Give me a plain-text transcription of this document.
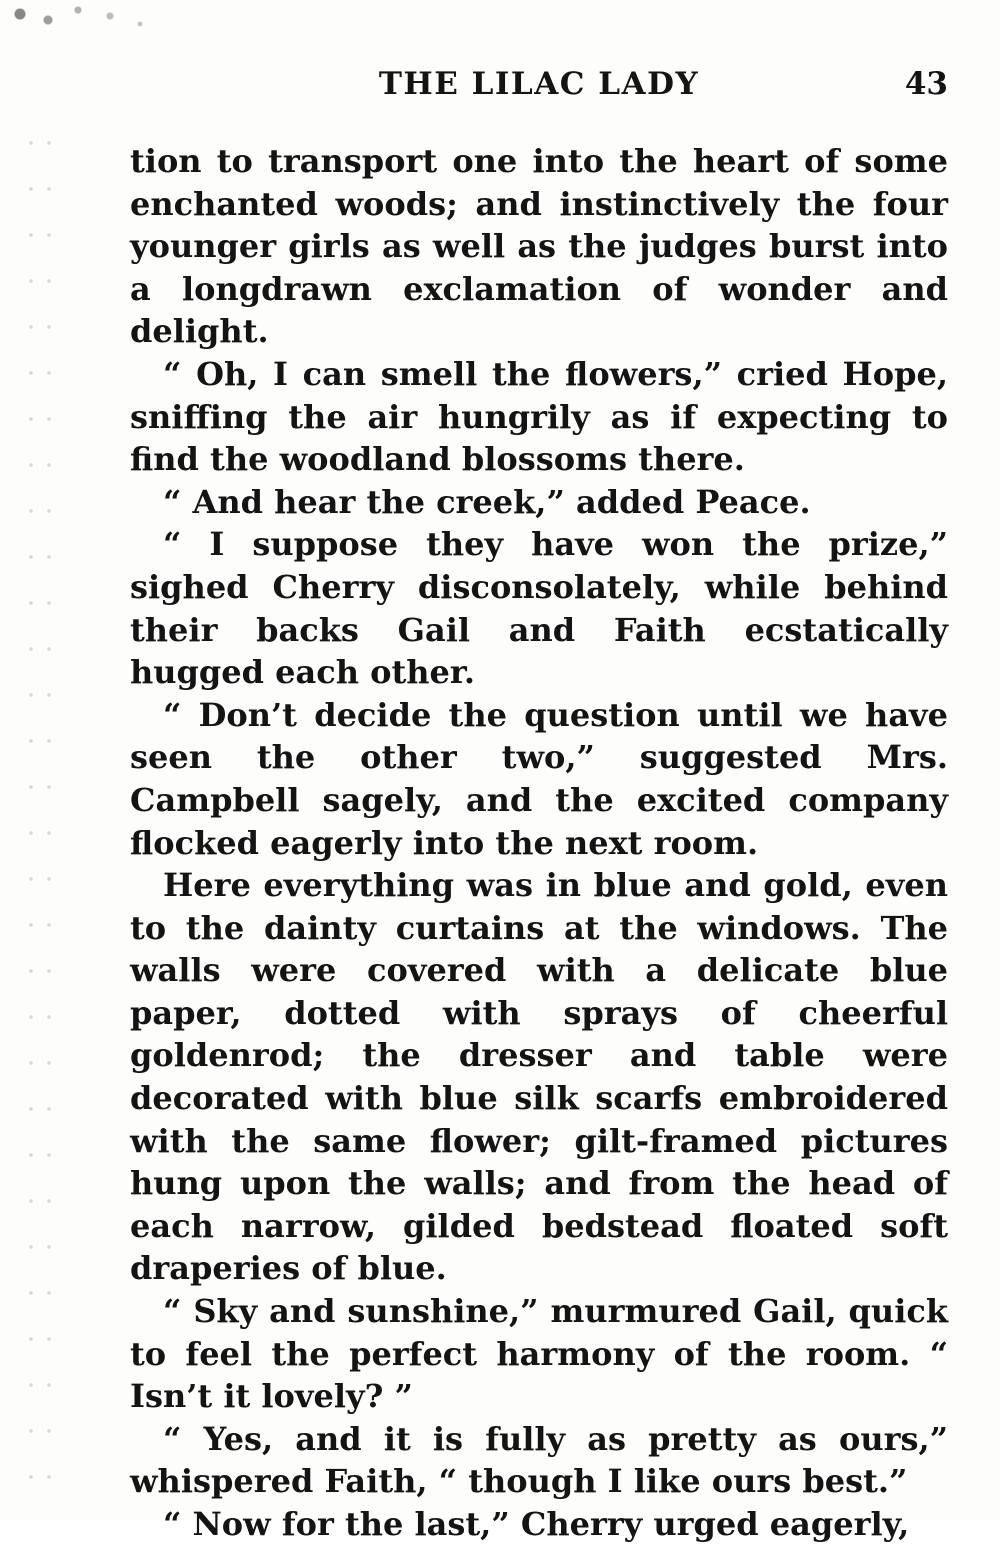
THE LILAC LADY	43

tion to transport one into the heart of some enchanted woods; and instinctively the four younger girls as well as the judges burst into a longdrawn exclamation of wonder and delight.

“ Oh, I can smell the flowers,” cried Hope, sniffing the air hungrily as if expecting to find the woodland blossoms there.

“ And hear the creek,” added Peace.

“ I suppose they have won the prize,” sighed Cherry disconsolately, while behind their backs Gail and Faith ecstatically hugged each other.

“ Don’t decide the question until we have seen the other two,” suggested Mrs. Campbell sagely, and the excited company flocked eagerly into the next room.

Here everything was in blue and gold, even to the dainty curtains at the windows. The walls were covered with a delicate blue paper, dotted with sprays of cheerful goldenrod; the dresser and table were decorated with blue silk scarfs embroidered with the same flower; gilt-framed pictures hung upon the walls; and from the head of each narrow, gilded bedstead floated soft draperies of blue.

“ Sky and sunshine,” murmured Gail, quick to feel the perfect harmony of the room. “ Isn’t it lovely? ”

“ Yes, and it is fully as pretty as ours,” whispered Faith, “ though I like ours best.”

“ Now for the last,” Cherry urged eagerly,
